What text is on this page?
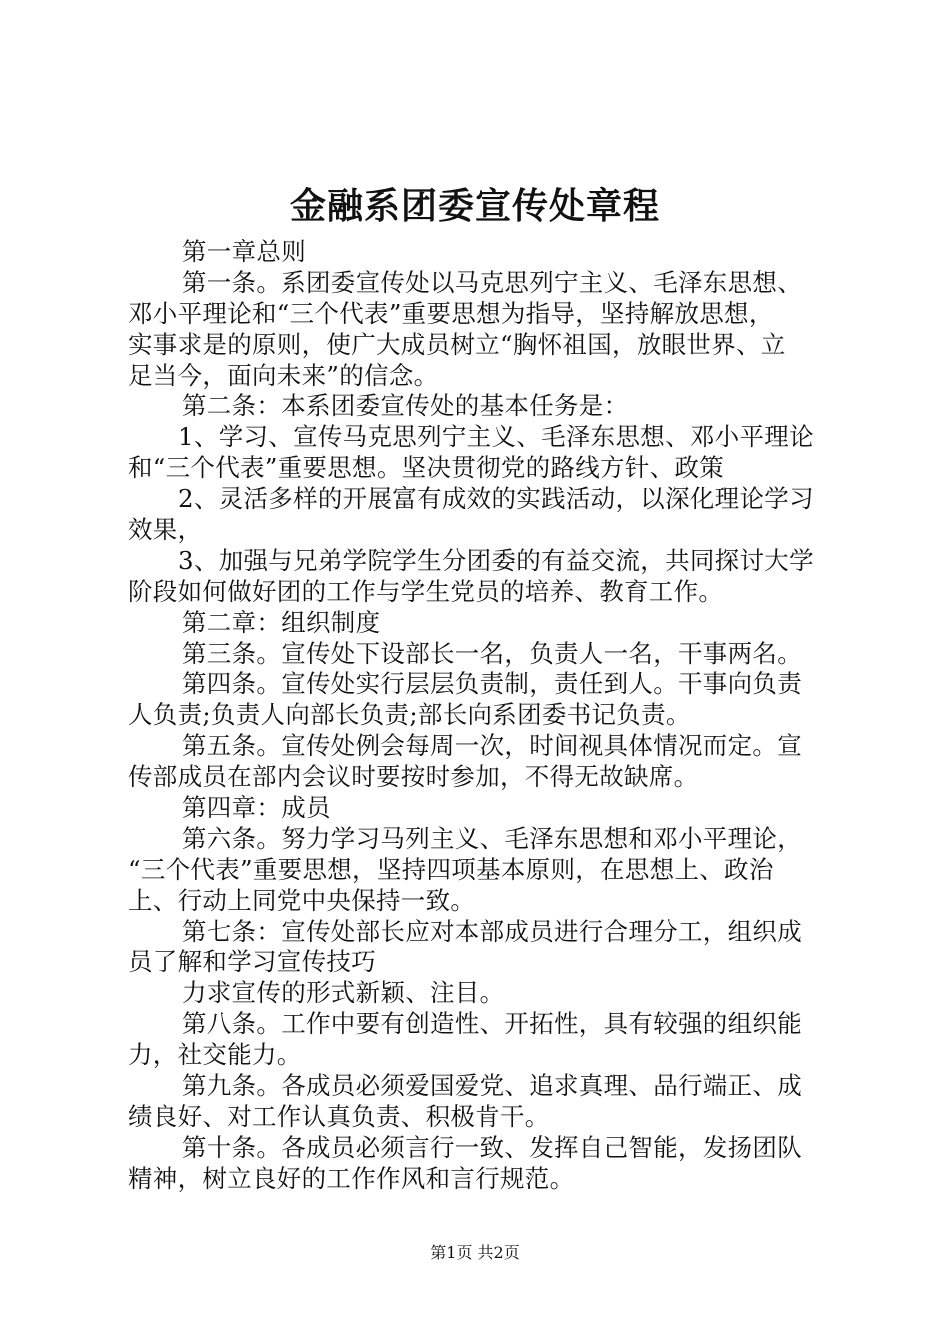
金融系团委宣传处章程
第一章总则
第一条。系团委宣传处以马克思列宁主义、毛泽东思想、
邓小平理论和“三个代表”重要思想为指导，坚持解放思想，
实事求是的原则，使广大成员树立“胸怀祖国，放眼世界、立
足当今，面向未来”的信念。
第二条：本系团委宣传处的基本任务是：
1、学习、宣传马克思列宁主义、毛泽东思想、邓小平理论
和“三个代表”重要思想。坚决贯彻党的路线方针、政策
2、灵活多样的开展富有成效的实践活动，以深化理论学习
效果，
3、加强与兄弟学院学生分团委的有益交流，共同探讨大学
阶段如何做好团的工作与学生党员的培养、教育工作。
第二章：组织制度
第三条。宣传处下设部长一名，负责人一名，干事两名。
第四条。宣传处实行层层负责制，责任到人。干事向负责
人负责;负责人向部长负责;部长向系团委书记负责。
第五条。宣传处例会每周一次，时间视具体情况而定。宣
传部成员在部内会议时要按时参加，不得无故缺席。
第四章：成员
第六条。努力学习马列主义、毛泽东思想和邓小平理论，
“三个代表”重要思想，坚持四项基本原则，在思想上、政治
上、行动上同党中央保持一致。
第七条：宣传处部长应对本部成员进行合理分工，组织成
员了解和学习宣传技巧
力求宣传的形式新颖、注目。
第八条。工作中要有创造性、开拓性，具有较强的组织能
力，社交能力。
第九条。各成员必须爱国爱党、追求真理、品行端正、成
绩良好、对工作认真负责、积极肯干。
第十条。各成员必须言行一致、发挥自己智能，发扬团队
精神，树立良好的工作作风和言行规范。
第1页 共2页
